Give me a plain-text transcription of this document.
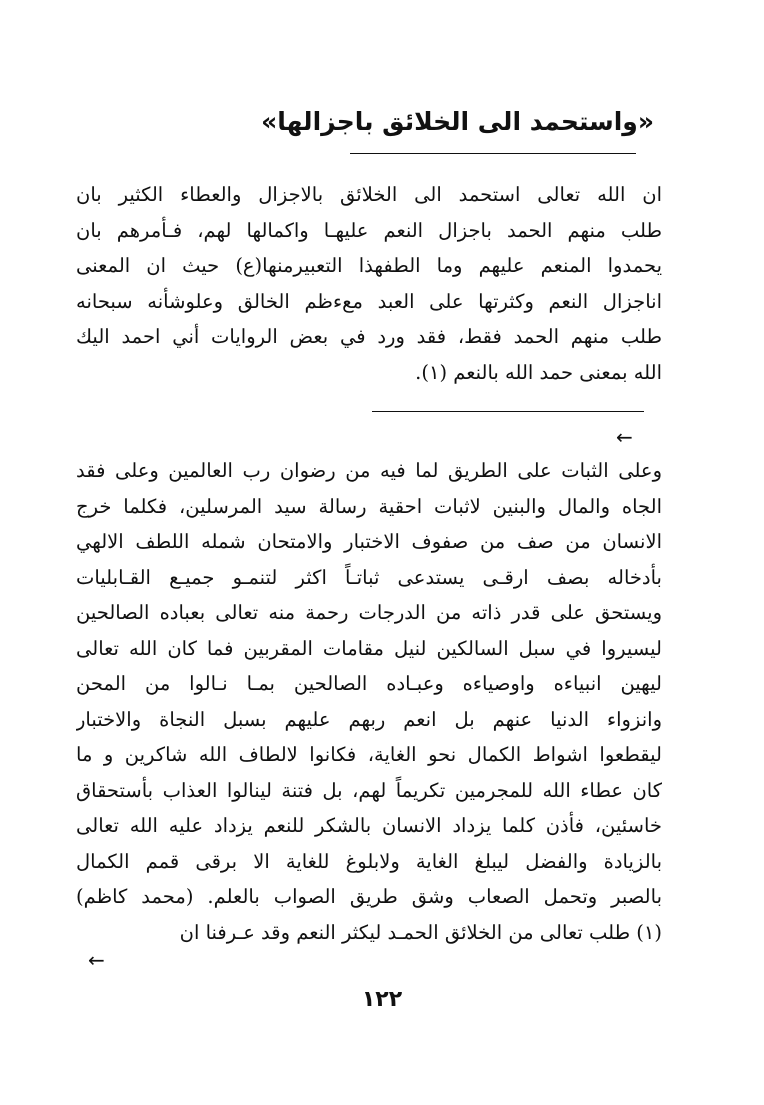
«واستحمد الى الخلائق باجزالها»
ان الله تعالى استحمد الى الخلائق بالاجزال والعطاء الكثير بان
طلب منهم الحمد باجزال النعم عليهـا واكمالها لهم، فـأمرهم بان
يحمدوا المنعم عليهم وما الطفهذا التعبيرمنها(ع) حيث ان المعنى
اناجزال النعم وكثرتها على العبد معءظم الخالق وعلوشأنه سبحانه
طلب منهم الحمد فقط، فقد ورد في بعض الروايات أني احمد اليك
الله بمعنى حمد الله بالنعم (١).
←
وعلى الثبات على الطريق لما فيه من رضوان رب العالمين وعلى فقد
الجاه والمال والبنين لاثبات احقية رسالة سيد المرسلين، فكلما خرج
الانسان من صف من صفوف الاختبار والامتحان شمله اللطف الالهي
بأدخاله بصف ارقـى يستدعى ثباتـاً اكثر لتنمـو جميـع القـابليات
ويستحق على قدر ذاته من الدرجات رحمة منه تعالى بعباده الصالحين
ليسيروا في سبل السالكين لنيل مقامات المقربين فما كان الله تعالى
ليهين انبياءه واوصياءه وعبـاده الصالحين بمـا نـالوا من المحن
وانزواء الدنيا عنهم بل انعم ربهم عليهم بسبل النجاة والاختبار
ليقطعوا اشواط الكمال نحو الغاية، فكانوا لالطاف الله شاكرين و ما
كان عطاء الله للمجرمين تكريماً لهم، بل فتنة لينالوا العذاب بأستحقاق
خاسئين، فأذن كلما يزداد الانسان بالشكر للنعم يزداد عليه الله تعالى
بالزيادة والفضل ليبلغ الغاية ولابلوغ للغاية الا برقى قمم الكمال
بالصبر وتحمل الصعاب وشق طريق الصواب بالعلم. (محمد كاظم)
(١) طلب تعالى من الخلائق الحمـد ليكثر النعم وقد عـرفنا ان
←
١٢٢
